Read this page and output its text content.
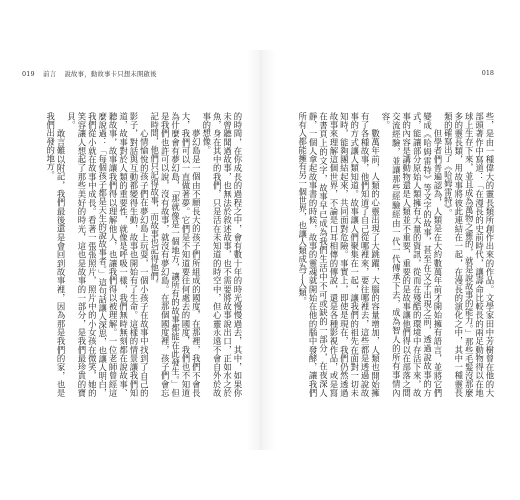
019 前言 說故事，動故事卡只想未開啟後

的時間，在你成長的過程之中，會有數十年的時光慢慢過去，其中，如果你未曾聽聞過故事，也無法於敘述故事，也不需要將故事說出口，正如水之於魚，身在其中的我們，只是活在未知道的時空中，但心靈永遠不會自外於故事的想像。

夢幻島是一個由不願長大的孩子們所組成的國度，在那裡，我們不會長大，我們可以一直做著夢。它們是不知道要往何處去的國度，我們也不知道為什麼會有夢幻島，「那就像是一個地方，讓所有的故事都能在此發生。」但是我們也許可以說，沒有故事，就沒有夢幻島。在那個國度裡，孩子們會忘記時間，他們只記得故事，而故事也記得他們。

心情愉悅的孩子們在夢幻島上玩耍，一個小孩子在故事中找到了自己的影子，對話與互動都變得生動，故事也開始有了生命。這樣的情景讓我們知道，故事對於人類的重要性，就像是呼吸一樣，我們無時無刻都在說故事、聽故事，故事讓我們得以理解他人，也讓我們得以被理解。一位老師曾經這麼說過：「每個孩子都是天生的說故事者。」這句話讓人深思，也讓人明白，我們從小就在故事中成長。看著一張張照片，照片中的小女孩在微笑，她的笑容讓人想起了那些美好的時光，這也是故事的一部分，是我們最珍貴的寶貝。

敢言難以附記，我們最後還是會回到故事裡，因為那是我們的家，也是我們出發的地方。

018

些，是由一種偉大的靈長類所創作出來的作品。文學家田中芳樹曾在他的大部頭著作中寫道：「在漫長的史前時代，讓壽命比較長的兩足動物得以在地球上生存下來，並且成為萬物之靈的，就是說故事的能力。」那些毛髮沒那麼多的靈長類，用故事將彼此連結在一起，在漫長的演化之中，其中一種靈長類的確寫出了《哈姆雷特》。

但學者們普遍認為，人類是在大約數萬年前才開始擁有語言，並將它們變成《哈姆雷特》等文字的故事，甚至在文字出現之前，透過說故事的方式，能讓部分原始人類擁有大量的資訊，從而在殘酷的環境中存活下來，故事的內容是講動物還是人類並不重要，重要的是故事讓他們得以在部落之間交流經驗，並讓那些經驗經由一代一代傳承下去，成為智人的所有事情內容。

數萬年前，人類的心靈出現了大跳躍，大腦的容量增加，人類也開始擁有了各種故事，他們知道了自己從哪裡來，要往哪裡去，這些都是透過說故事的方式讓人類知道。故事讓人們聚集在一起，讓我們的祖先在面對一切未知時，能夠團結起來，共同面對危險。事實上，即使是現在，我們仍然透過故事來理解這個世界，不論是口耳相傳的傳說，還是各種影視作品，或是寫在書頁上的文字，故事早已成為我們生活中不可或缺的一部分，在夜深人靜，一個人拿起故事書的時候，故事的靈魂就開始在他的腦中發酵，讓我們所有人都能擁有另一個世界，也讓人類成為了人類。
